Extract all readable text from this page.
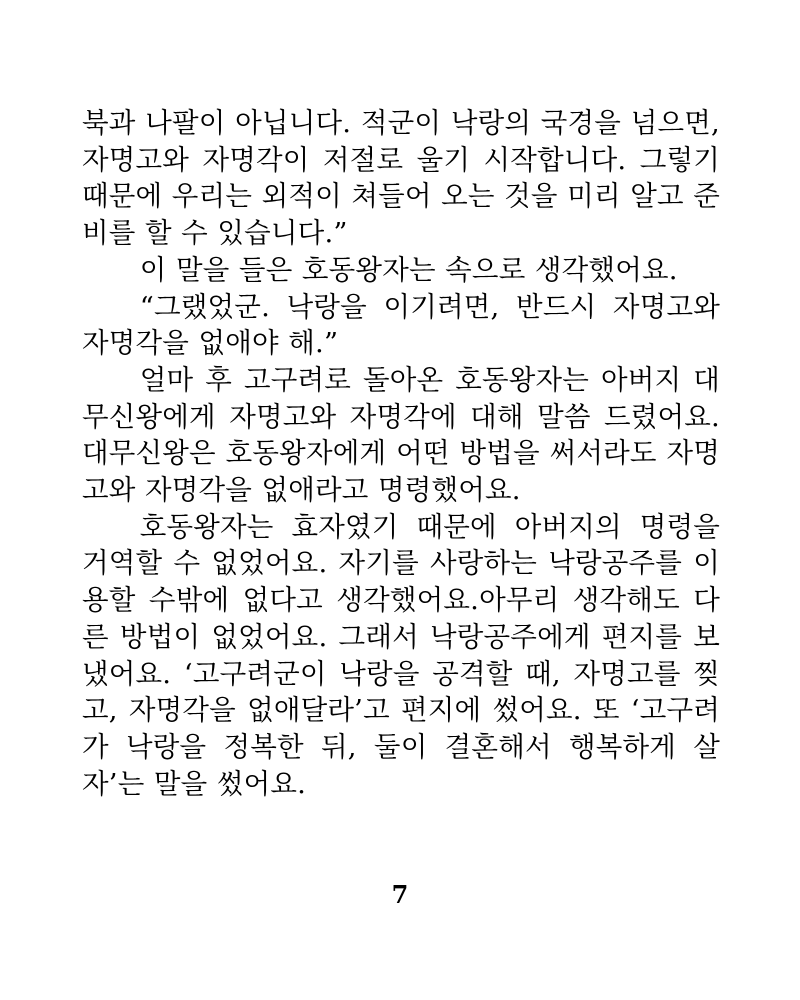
북과 나팔이 아닙니다. 적군이 낙랑의 국경을 넘으면, 자명고와 자명각이 저절로 울기 시작합니다. 그렇기 때문에 우리는 외적이 쳐들어 오는 것을 미리 알고 준비를 할 수 있습니다.”

이 말을 들은 호동왕자는 속으로 생각했어요.

“그랬었군. 낙랑을 이기려면, 반드시 자명고와 자명각을 없애야 해.”

얼마 후 고구려로 돌아온 호동왕자는 아버지 대무신왕에게 자명고와 자명각에 대해 말씀 드렸어요. 대무신왕은 호동왕자에게 어떤 방법을 써서라도 자명고와 자명각을 없애라고 명령했어요.

호동왕자는 효자였기 때문에 아버지의 명령을 거역할 수 없었어요. 자기를 사랑하는 낙랑공주를 이용할 수밖에 없다고 생각했어요.아무리 생각해도 다른 방법이 없었어요. 그래서 낙랑공주에게 편지를 보냈어요. ‘고구려군이 낙랑을 공격할 때, 자명고를 찢고, 자명각을 없애달라’고 편지에 썼어요. 또 ‘고구려가 낙랑을 정복한 뒤, 둘이 결혼해서 행복하게 살자’는 말을 썼어요.

7
